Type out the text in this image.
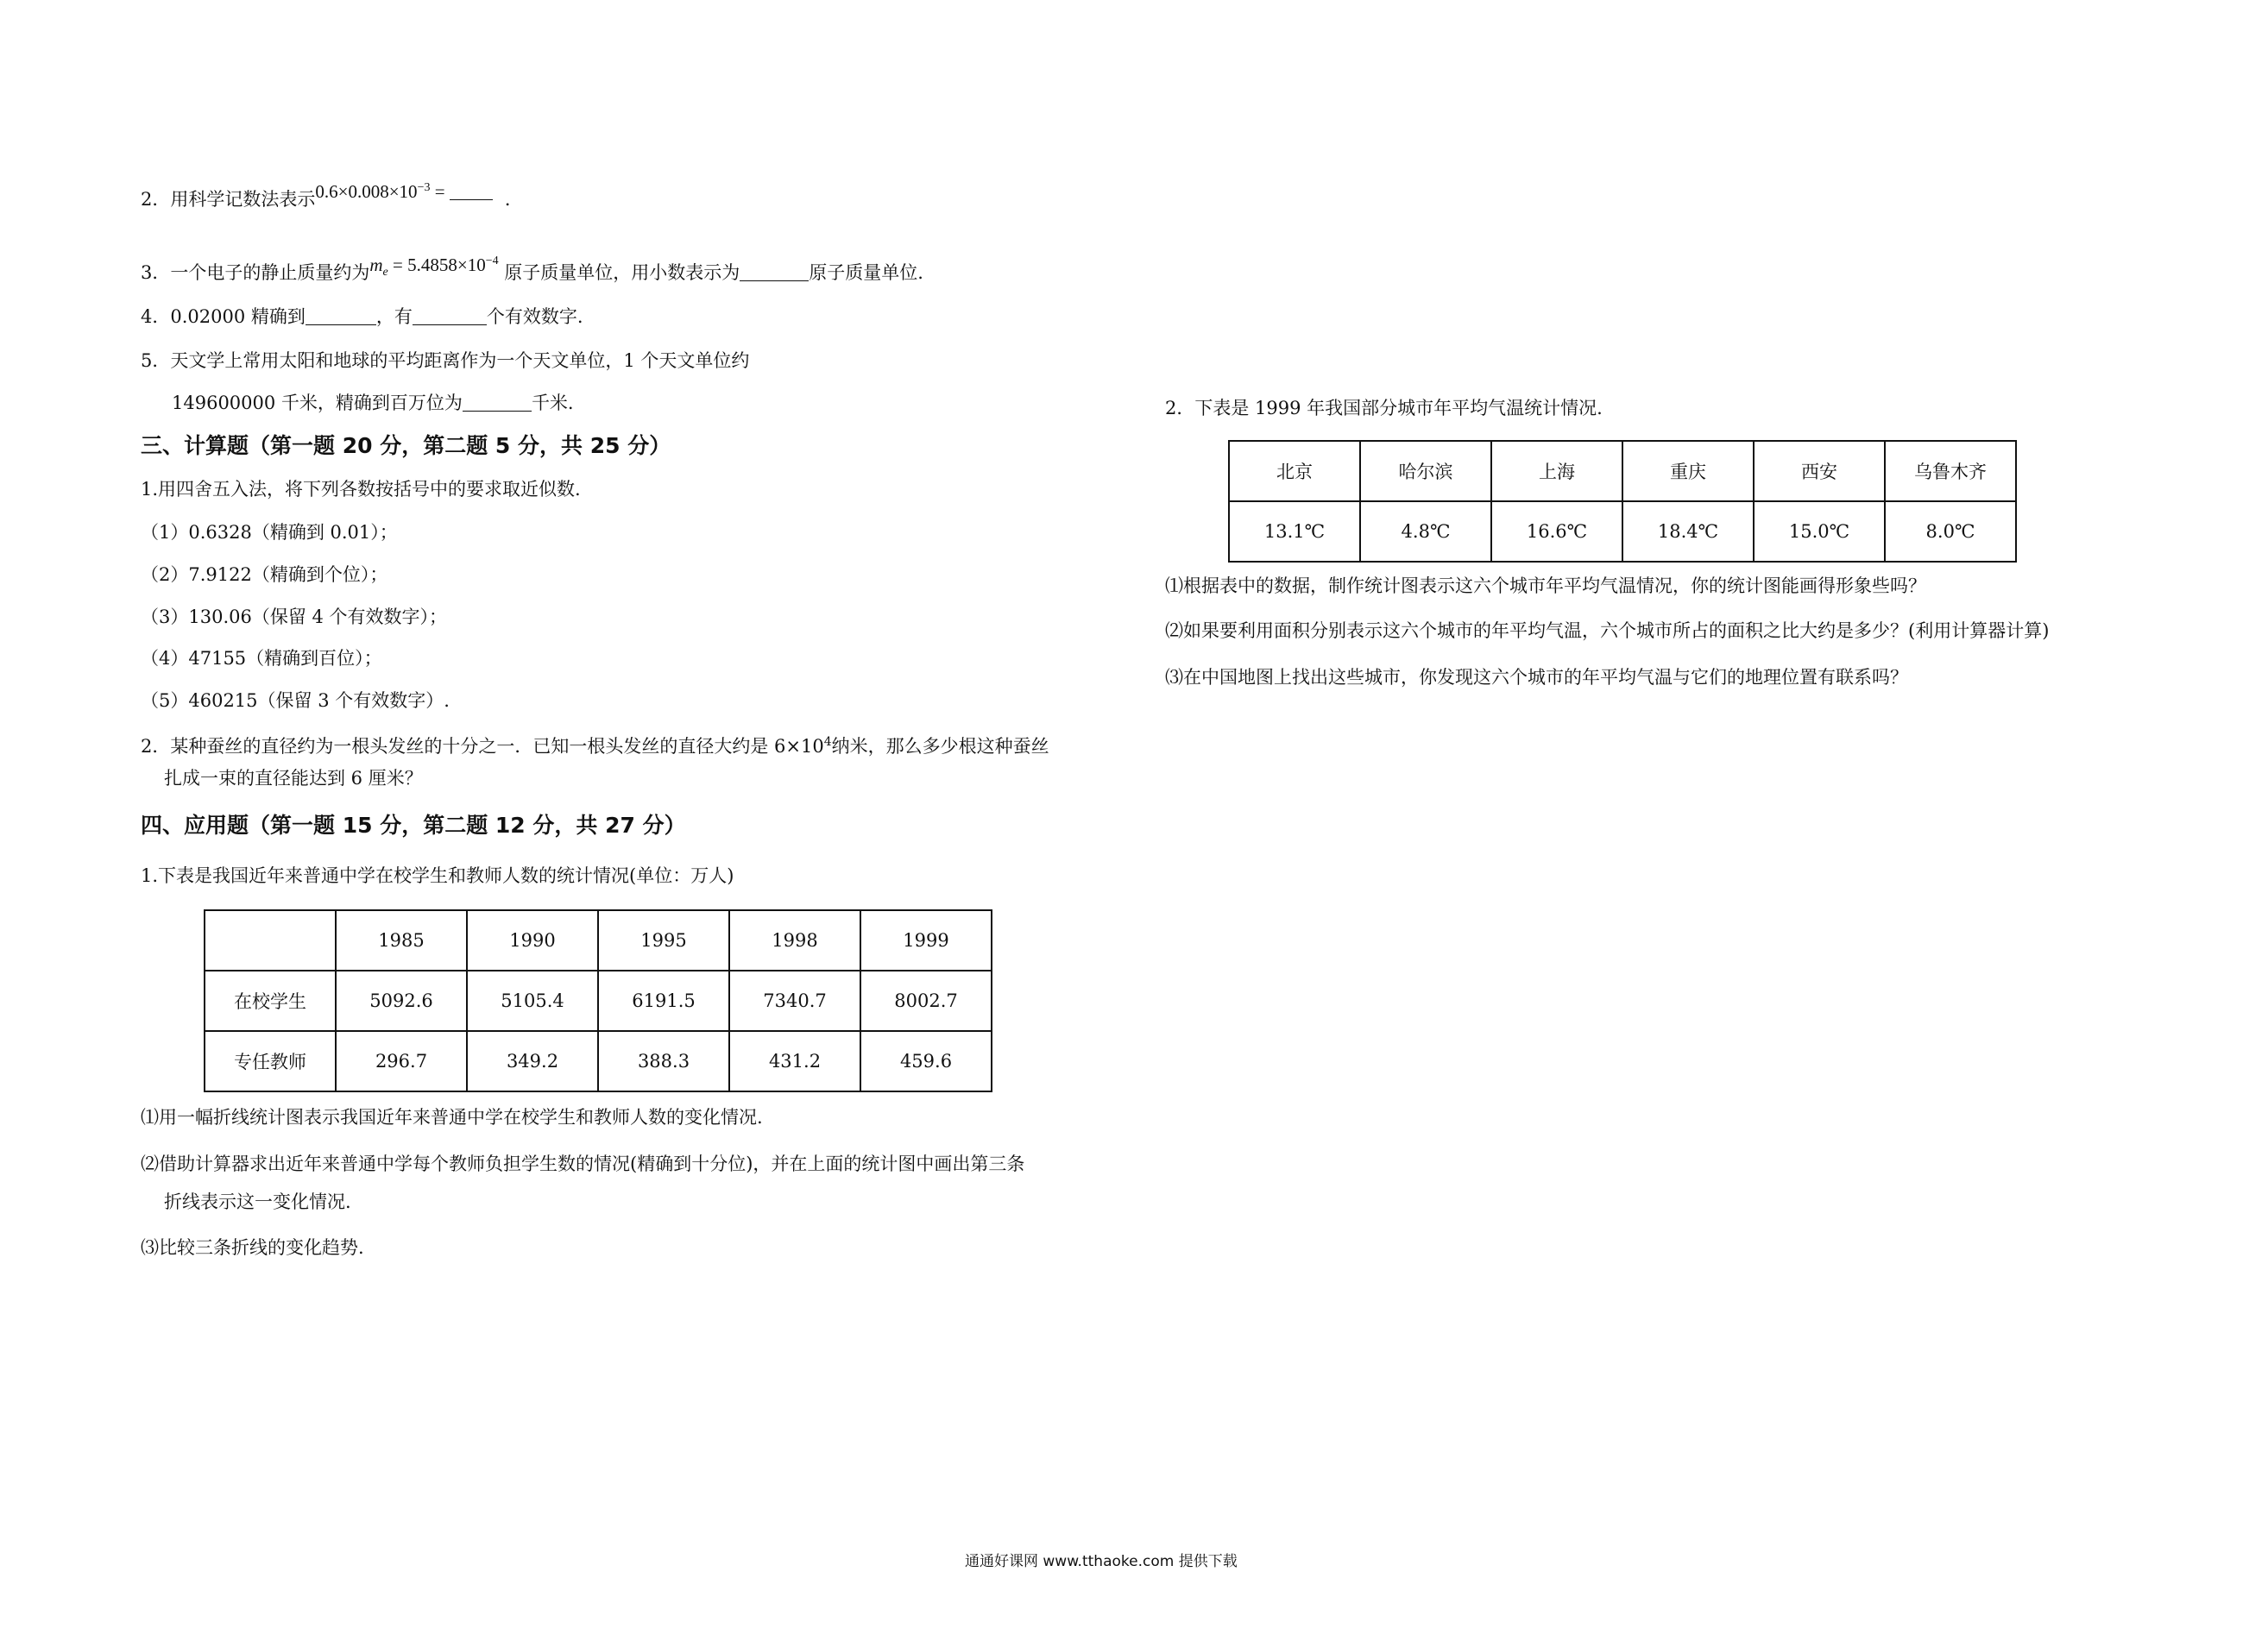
2．用科学记数法表示$0.6\times 0.008\times 10^{-3}$ =	．
3．一个电子的静止质量约为$m_e = 5.4858\times 10^{-4}$ 原子质量单位，用小数表示为	原子质量单位.
4．0.02000 精确到	，有	个有效数字.
5．天文学上常用太阳和地球的平均距离作为一个天文单位，1 个天文单位约
149600000 千米，精确到百万位为	千米.
三、计算题（第一题 20 分，第二题 5 分，共 25 分）
1.用四舍五入法，将下列各数按括号中的要求取近似数.
（1）0.6328（精确到 0.01）；
（2）7.9122（精确到个位）；
（3）130.06（保留 4 个有效数字）；
（4）47155（精确到百位）；
（5）460215（保留 3 个有效数字）.
2．某种蚕丝的直径约为一根头发丝的十分之一．已知一根头发丝的直径大约是 $6\times 10^4$纳米，那么多少根这种蚕丝
扎成一束的直径能达到 6 厘米？
四、应用题（第一题 15 分，第二题 12 分，共 27 分）
1.下表是我国近年来普通中学在校学生和教师人数的统计情况(单位：万人)
	1985	1990	1995	1998	1999
在校学生	5092.6	5105.4	6191.5	7340.7	8002.7
专任教师	296.7	349.2	388.3	431.2	459.6
⑴用一幅折线统计图表示我国近年来普通中学在校学生和教师人数的变化情况.
⑵借助计算器求出近年来普通中学每个教师负担学生数的情况(精确到十分位)，并在上面的统计图中画出第三条
折线表示这一变化情况.
⑶比较三条折线的变化趋势.
2．下表是 1999 年我国部分城市年平均气温统计情况.
北京	哈尔滨	上海	重庆	西安	乌鲁木齐
13.1℃	4.8℃	16.6℃	18.4℃	15.0℃	8.0℃
⑴根据表中的数据，制作统计图表示这六个城市年平均气温情况，你的统计图能画得形象些吗？
⑵如果要利用面积分别表示这六个城市的年平均气温，六个城市所占的面积之比大约是多少？(利用计算器计算)
⑶在中国地图上找出这些城市，你发现这六个城市的年平均气温与它们的地理位置有联系吗？
通通好课网 www.tthaoke.com 提供下载
